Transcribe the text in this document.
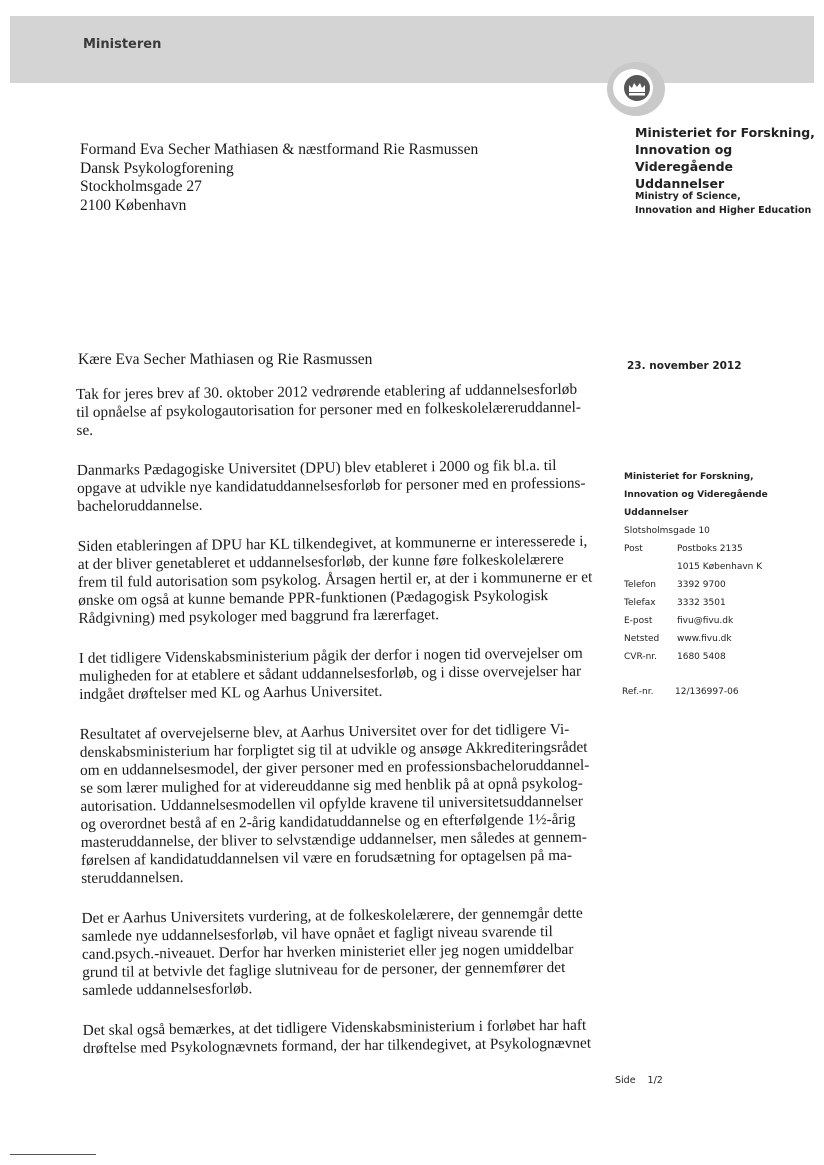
Ministeren
Ministeriet for Forskning,
Innovation og Videregående
Uddannelser
Ministry of Science,
Innovation and Higher Education
Formand Eva Secher Mathiasen & næstformand Rie Rasmussen
Dansk Psykologforening
Stockholmsgade 27
2100 København
Kære Eva Secher Mathiasen og Rie Rasmussen	23. november 2012

Tak for jeres brev af 30. oktober 2012 vedrørende etablering af uddannelsesforløb til opnåelse af psykologautorisation for personer med en folkeskolelæreruddannel-se.

Danmarks Pædagogiske Universitet (DPU) blev etableret i 2000 og fik bl.a. til opgave at udvikle nye kandidatuddannelsesforløb for personer med en professions-bacheloruddannelse.

Siden etableringen af DPU har KL tilkendegivet, at kommunerne er interesserede i, at der bliver genetableret et uddannelsesforløb, der kunne føre folkeskolelærere frem til fuld autorisation som psykolog. Årsagen hertil er, at der i kommunerne er et ønske om også at kunne bemande PPR-funktionen (Pædagogisk Psykologisk Rådgivning) med psykologer med baggrund fra lærerfaget.

I det tidligere Videnskabsministerium pågik der derfor i nogen tid overvejelser om muligheden for at etablere et sådant uddannelsesforløb, og i disse overvejelser har indgået drøftelser med KL og Aarhus Universitet.

Resultatet af overvejelserne blev, at Aarhus Universitet over for det tidligere Vi-denskabsministerium har forpligtet sig til at udvikle og ansøge Akkrediteringsrådet om en uddannelsesmodel, der giver personer med en professionsbacheloruddannel-se som lærer mulighed for at videreuddanne sig med henblik på at opnå psykolog-autorisation. Uddannelsesmodellen vil opfylde kravene til universitetsuddannelser og overordnet bestå af en 2-årig kandidatuddannelse og en efterfølgende 1½-årig masteruddannelse, der bliver to selvstændige uddannelser, men således at gennem-førelsen af kandidatuddannelsen vil være en forudsætning for optagelsen på ma-steruddannelsen.

Det er Aarhus Universitets vurdering, at de folkeskolelærere, der gennemgår dette samlede nye uddannelsesforløb, vil have opnået et fagligt niveau svarende til cand.psych.-niveauet. Derfor har hverken ministeriet eller jeg nogen umiddelbar grund til at betvivle det faglige slutniveau for de personer, der gennemfører det samlede uddannelsesforløb.

Det skal også bemærkes, at det tidligere Videnskabsministerium i forløbet har haft drøftelse med Psykolognævnets formand, der har tilkendegivet, at Psykolognævnet

Ministeriet for Forskning,
Innovation og Videregående
Uddannelser
Slotsholmsgade 10
Post	Postboks 2135
1015 København K
Telefon	3392 9700
Telefax	3332 3501
E-post	fivu@fivu.dk
Netsted	www.fivu.dk
CVR-nr.	1680 5408
Ref.-nr.	12/136997-06
Side 1/2
